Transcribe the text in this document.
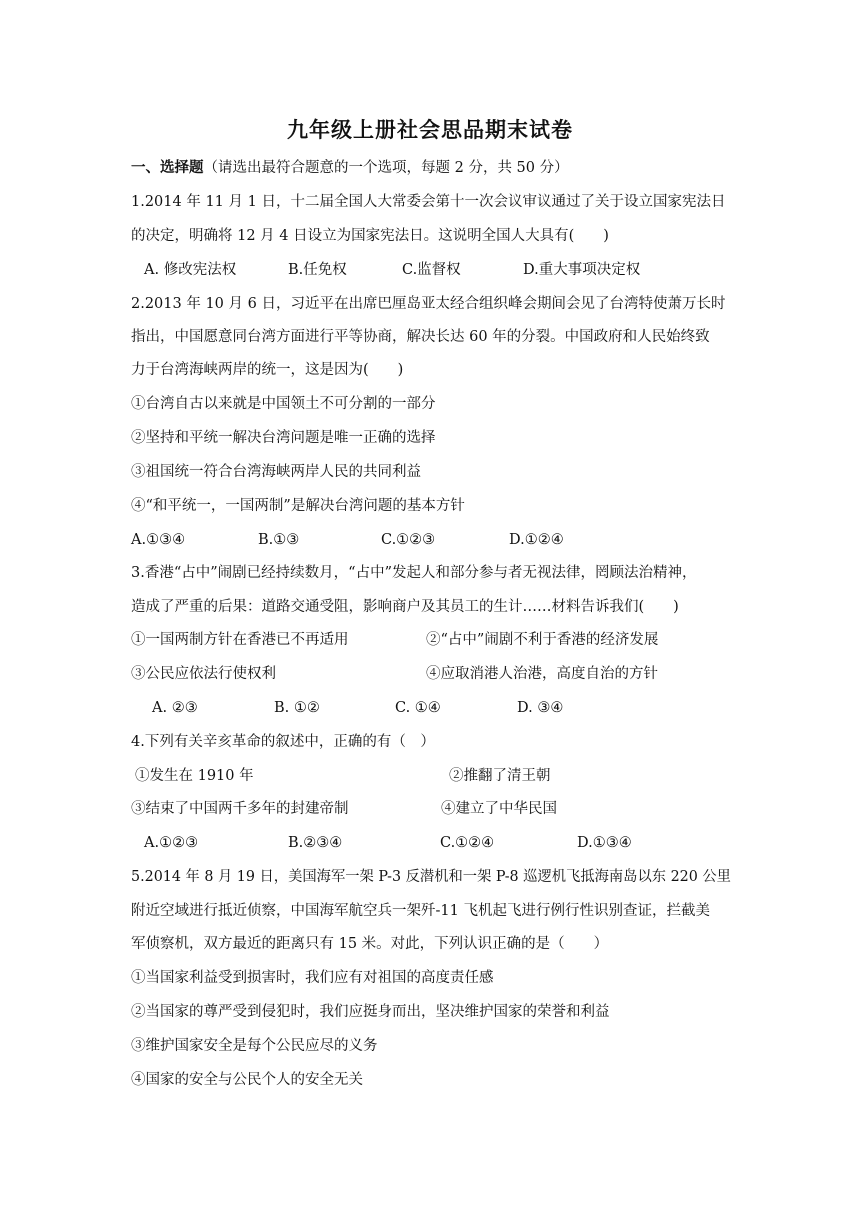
九年级上册社会思品期末试卷
一、选择题（请选出最符合题意的一个选项，每题 2 分，共 50 分）
1.2014 年 11 月 1 日，十二届全国人大常委会第十一次会议审议通过了关于设立国家宪法日
的决定，明确将 12 月 4 日设立为国家宪法日。这说明全国人大具有(　　)
A. 修改宪法权	B.任免权	C.监督权	D.重大事项决定权
2.2013 年 10 月 6 日，习近平在出席巴厘岛亚太经合组织峰会期间会见了台湾特使萧万长时
指出，中国愿意同台湾方面进行平等协商，解决长达 60 年的分裂。中国政府和人民始终致
力于台湾海峡两岸的统一，这是因为(　　)
①台湾自古以来就是中国领土不可分割的一部分
②坚持和平统一解决台湾问题是唯一正确的选择
③祖国统一符合台湾海峡两岸人民的共同利益
④“和平统一，一国两制”是解决台湾问题的基本方针
A.①③④	B.①③	C.①②③	D.①②④
3.香港“占中”闹剧已经持续数月，“占中”发起人和部分参与者无视法律，罔顾法治精神，
造成了严重的后果：道路交通受阻，影响商户及其员工的生计……材料告诉我们(　　)
①一国两制方针在香港已不再适用	②“占中”闹剧不利于香港的经济发展
③公民应依法行使权利	④应取消港人治港，高度自治的方针
A. ②③	B. ①②	C. ①④	D. ③④
4.下列有关辛亥革命的叙述中，正确的有（　）
①发生在 1910 年	②推翻了清王朝
③结束了中国两千多年的封建帝制	④建立了中华民国
A.①②③	B.②③④	C.①②④	D.①③④
5.2014 年 8 月 19 日，美国海军一架 P-3 反潜机和一架 P-8 巡逻机飞抵海南岛以东 220 公里
附近空域进行抵近侦察，中国海军航空兵一架歼-11 飞机起飞进行例行性识别查证，拦截美
军侦察机，双方最近的距离只有 15 米。对此，下列认识正确的是（　　）
①当国家利益受到损害时，我们应有对祖国的高度责任感
②当国家的尊严受到侵犯时，我们应挺身而出，坚决维护国家的荣誉和利益
③维护国家安全是每个公民应尽的义务
④国家的安全与公民个人的安全无关
